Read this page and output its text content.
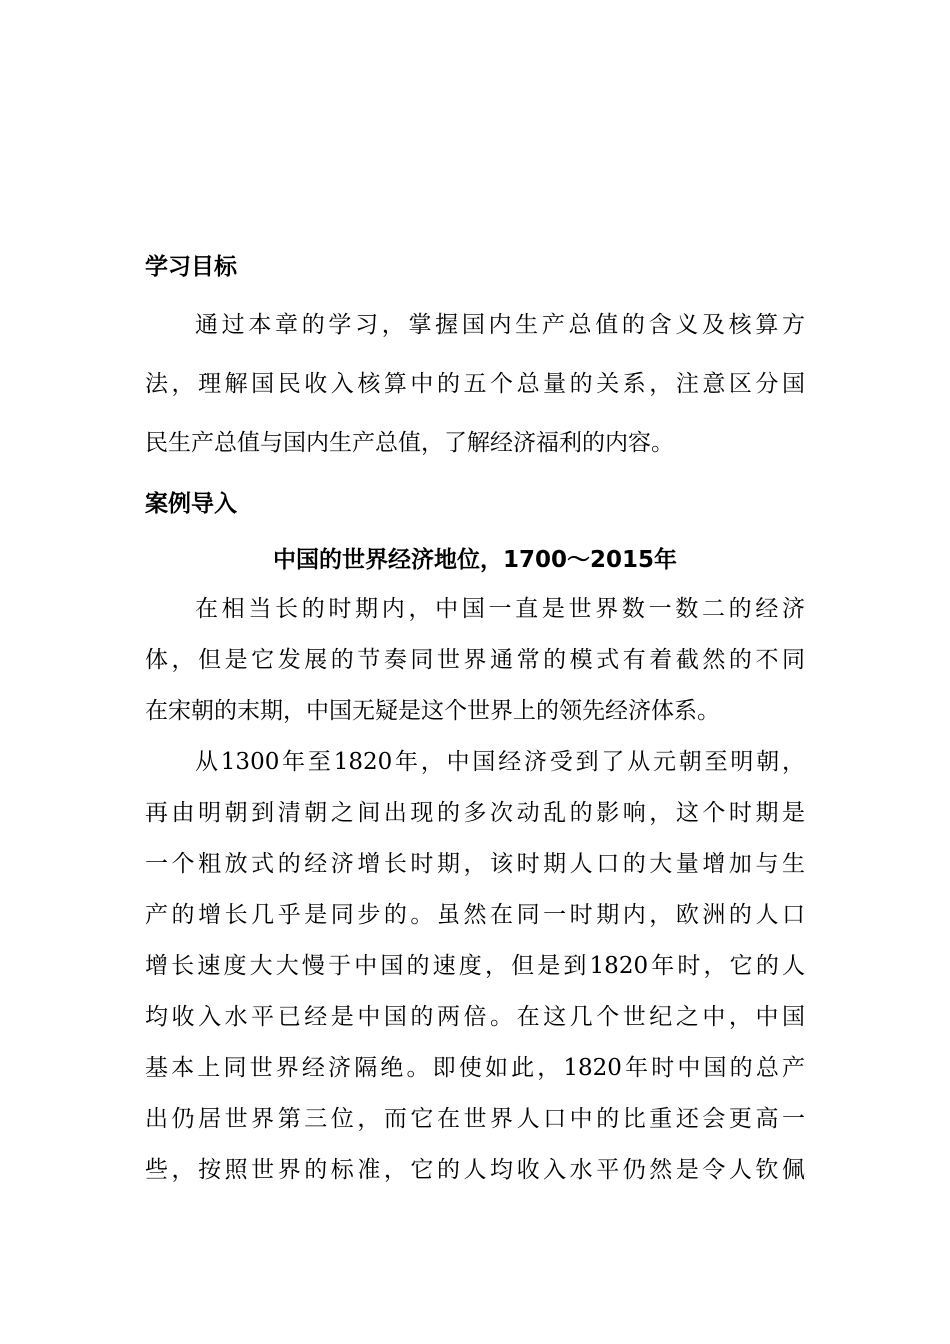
学习目标
通过本章的学习，掌握国内生产总值的含义及核算方
法，理解国民收入核算中的五个总量的关系，注意区分国
民生产总值与国内生产总值，了解经济福利的内容。
案例导入
中国的世界经济地位，1700～2015年
在相当长的时期内，中国一直是世界数一数二的经济
体，但是它发展的节奏同世界通常的模式有着截然的不同
在宋朝的末期，中国无疑是这个世界上的领先经济体系。
从1300年至1820年，中国经济受到了从元朝至明朝，
再由明朝到清朝之间出现的多次动乱的影响，这个时期是
一个粗放式的经济增长时期，该时期人口的大量增加与生
产的增长几乎是同步的。虽然在同一时期内，欧洲的人口
增长速度大大慢于中国的速度，但是到1820年时，它的人
均收入水平已经是中国的两倍。在这几个世纪之中，中国
基本上同世界经济隔绝。即使如此，1820年时中国的总产
出仍居世界第三位，而它在世界人口中的比重还会更高一
些，按照世界的标准，它的人均收入水平仍然是令人钦佩
